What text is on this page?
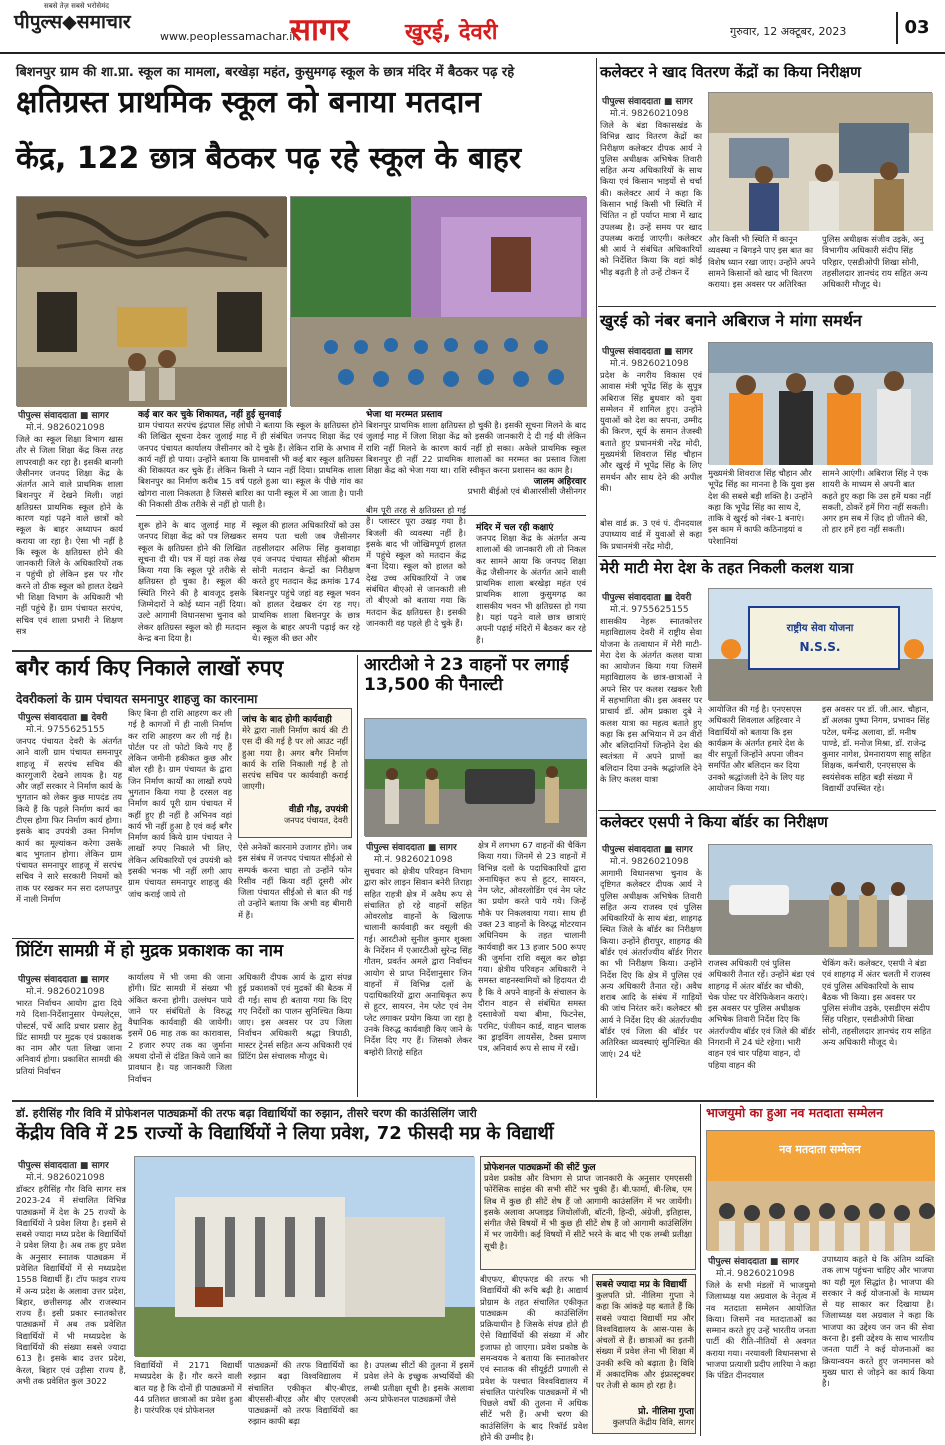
सबसे तेज़ सबसे भरोसेमंद
पीपुल्स◆समाचार
www.peoplessamachar.in
सागर	खुरई, देवरी	गुरुवार, 12 अक्टूबर, 2023	03
बिशनपुर ग्राम की शा.प्रा. स्कूल का मामला, बरखेड़ा महंत, कुसुमगढ़ स्कूल के छात्र मंदिर में बैठकर पढ़ रहे
क्षतिग्रस्त प्राथमिक स्कूल को बनाया मतदान
केंद्र, 122 छात्र बैठकर पढ़ रहे स्कूल के बाहर
पीपुल्स संवाददाता ■ सागर
मो.नं. 9826021098
जिले का स्कूल शिक्षा विभाग खास तौर से जिला शिक्षा केंद्र किस तरह लापरवाही कर रहा है। इसकी बानगी जैसीनगर जनपद शिक्षा केंद्र के अंतर्गत आने वाले प्राथमिक शाला बिशनपुर में देखने मिली। जहां क्षतिग्रस्त प्राथमिक स्कूल होने के कारण यहां पढ़ने वाले छात्रों को स्कूल के बाहर अध्यापन कार्य कराया जा रहा है। ऐसा भी नहीं है कि स्कूल के क्षतिग्रस्त होने की जानकारी जिले के अधिकारियों तक न पहुंची हो लेकिन इस पर गौर करने तो ठीक स्कूल को हालत देखने भी शिक्षा विभाग के अधिकारी भी नहीं पहुंचे हैं। ग्राम पंचायत सरपंच, सचिव एवं शाला प्रभारी ने शिक्षण सत्र
कई बार कर चुके शिकायत, नहीं हुई सुनवाई
ग्राम पंचायत सरपंच इंद्रपाल सिंह लोधी ने बताया कि स्कूल के क्षतिग्रस्त होने की लिखित सूचना देकर जुलाई माह में ही संबंधित जनपद शिक्षा केंद्र एवं जनपद पंचायत कार्यालय जैसीनगर को दे चुके हैं। लेकिन राशि के अभाव में कार्य नहीं हो पाया। उन्होंने बताया कि ग्रामवासी भी कई बार स्कूल क्षतिग्रस्त की शिकायत कर चुके हैं। लेकिन किसी ने ध्यान नहीं दिया। प्राथमिक शाला बिशनपुर का निर्माण करीब 15 वर्ष पहले हुआ था। स्कूल के पीछे गांव का खोगरा नाला निकलता है जिससे बारिश का पानी स्कूल में आ जाता है। पानी की निकासी ठीक तरीके से नहीं हो पाती है।
भेजा था मरम्मत प्रस्ताव
बिशनपुर प्राथमिक शाला क्षतिग्रस्त हो चुकी है। इसकी सूचना मिलने के बाद जुलाई माह में जिला शिक्षा केंद्र को इसकी जानकारी दे दी गई थी लेकिन राशि नहीं मिलने के कारण कार्य नहीं हो सका। अकेले प्राथमिक स्कूल बिशनपुर ही नहीं 22 प्राथमिक शालाओं का मरम्मत का प्रस्ताव जिला शिक्षा केंद्र को भेजा गया था। राशि स्वीकृत करना प्रशासन का काम है।
जालम अहिरवार
प्रभारी बीईओ एवं बीआरसीसी जैसीनगर
शुरू होने के बाद जुलाई माह में जनपद शिक्षा केंद्र को पत्र लिखकर स्कूल के क्षतिग्रस्त होने की लिखित सूचना दी थी। पत्र में यहां तक लेख किया गया कि स्कूल पूरे तरीके से क्षतिग्रस्त हो चुका है। स्कूल की स्थिति गिरने की है बावजूद इसके जिम्मेदारों ने कोई ध्यान नहीं दिया। उल्टे आगामी विधानसभा चुनाव को लेकर क्षतिग्रस्त स्कूल को ही मतदान केन्द्र बना दिया है।
स्कूल की हालत अधिकारियों को उस समय पता चली जब जैसीनगर तहसीलदार अलिफ सिंह कुशवाहा एवं जनपद पंचायत सीईओ श्रीराम सोनी मतदान केन्द्रों का निरीक्षण करते हुए मतदान केंद्र क्रमांक 174 बिशनपुर पहुंचे जहां वह स्कूल भवन को हालत देखकर दंग रह गए। प्राथमिक शाला बिशनपुर के छात्र स्कूल के बाहर अपनी पढ़ाई कर रहे थे। स्कूल की छत और
बीम पूरी तरह से क्षतिग्रस्त हो गई हैं। प्लास्टर पूरा उखड़ गया है। बिजली की व्यवस्था नहीं है। इसके बाद भी जोखिमपूर्ण हालत में पहुंचे स्कूल को मतदान केंद्र बना दिया। स्कूल को हालत को देख उच्च अधिकारियों ने जब संबंधित बीएओ से जानकारी ली तो बीएओ को बताया गया कि मतदान केंद्र क्षतिग्रस्त है। इसकी जानकारी वह पहले ही दे चुके हैं।
मंदिर में चल रही कक्षाएं
जनपद शिक्षा केंद्र के अंतर्गत अन्य शालाओं की जानकारी ली तो निकल कर सामने आया कि जनपद शिक्षा केंद्र जैसीनगर के अंतर्गत आने वाली प्राथमिक शाला बरखेड़ा महंत एवं प्राथमिक शाला कुसुमगढ़ का शासकीय भवन भी क्षतिग्रस्त हो गया है। यहां पढ़ने वाले छात्र छात्राएं अपनी पढ़ाई मंदिरों में बैठकर कर रहे हैं।
बगैर कार्य किए निकाले लाखों रुपए
देवरीकलां के ग्राम पंचायत समनापुर शाहजु का कारनामा
पीपुल्स संवाददाता ■ देवरी
मो.नं. 9755625155
जनपद पंचायत देवरी के अंतर्गत आने वाली ग्राम पंचायत समनापुर शाहजू में सरपंच सचिव की कारगुजारी देखने लायक है। यह और जहाँ सरकार ने निर्माण कार्य के भुगतान को लेकर कुछ मापदंड तय किये हैं कि पहले निर्माण कार्य का टीएस होगा फिर निर्माण कार्य होगा। इसके बाद उपयंत्री उक्त निर्माण कार्य का मूल्यांकन करेगा उसके बाद भुगतान होगा। लेकिन ग्राम पंचायत समनापुर शाहजू में सरपंच सचिव ने सारे सरकारी नियमों को ताक पर रखकर मन सरा दलपतपुर में नाली निर्माण
किए बिना ही राशि आहरण कर ली गई है कागजों में ही नाली निर्माण कर राशि आहरण कर ली गई है। पोर्टल पर तो फोटो किये गए हैं लेकिन जमीनी हकीकत कुछ और बोल रही है। ग्राम पंचायत के द्वारा जिन निर्माण कार्यों का लाखों रुपये भुगतान किया गया है दरसल वह निर्माण कार्य पूरी ग्राम पंचायत में कहीं हुए ही नहीं है अभिनव वहां कार्य भी नहीं हुआ है एवं कई बगैर निर्माण कार्य किये ग्राम पंचायत ने लाखों रुपए निकाले भी लिए, लेकिन अधिकारियों एवं उपयंत्री को इसकी भनक भी नहीं लगी आप ग्राम पंचायत समनापुर शाहजु की जांच कराई जाये तो
जांच के बाद होगी कार्यवाही
मेरे द्वारा नाली निर्माण कार्य की टी एस दी की गई है पर लो आउट नहीं हुआ गया है। अगर बगैर निर्माण कार्य के राशि निकाली गई है तो सरपंच सचिव पर कार्यवाही कराई जाएगी।
वीडी गौड़, उपयंत्री
जनपद पंचायत, देवरी
ऐसे अनेकों कारनामे उजागर होंगे। जब इस संबंध में जनपद पंचायत सीईओ से सम्पर्क करना चाहा तो उन्होंने फोन रिसीव नहीं किया वहीं दूसरी ओर जिला पंचायत सीईओ से बात की गई तो उन्होंने बताया कि अभी वह बीमारी में हैं।
प्रिंटिंग सामग्री में हो मुद्रक प्रकाशक का नाम
पीपुल्स संवाददाता ■ सागर
मो.नं. 9826021098
भारत निर्वाचन आयोग द्वारा दिये गये दिशा-निर्देशानुसार पेम्पलेट्स, पोस्टर्स, पर्चे आदि प्रचार प्रसार हेतु प्रिंट सामग्री पर मुद्रक एवं प्रकाशक का नाम और पता लिखा जाना अनिवार्य होगा। प्रकाशित सामग्री की प्रतियां निर्वाचन
कार्यालय में भी जमा की जाना होंगी। प्रिंट सामग्री में संख्या भी अंकित करना होगी। उल्लंघन पाये जाने पर संबंधितों के विरुद्ध वैधानिक कार्यवाही की जायेगी। इसमें 06 माह तक का कारावास, 2 हजार रुपए तक का जुर्माना अथवा दोनों से दंडित किये जाने का प्रावधान है। यह जानकारी जिला निर्वाचन
अधिकारी दीपक आर्य के द्वारा संपन्न हुई प्रकाशकों एवं मुद्रकों की बैठक में दी गई। साथ ही बताया गया कि दिए गए निर्देशों का पालन सुनिश्चित किया जाए। इस अवसर पर उप जिला निर्वाचन अधिकारी श्रद्धा त्रिपाठी, मास्टर ट्रेनर्स सहित अन्य अधिकारी एवं प्रिंटिंग प्रेस संचालक मौजूद थे।
आरटीओ ने 23 वाहनों पर लगाई 13,500 की पैनाल्टी
पीपुल्स संवाददाता ■ सागर
मो.नं. 9826021098
सुचवार को क्षेत्रीय परिवहन विभाग द्वारा कोर लाइन सिवान बनेरी तिराहा सहित राहत्री क्षेत्र में अवैध रूप से संचालित हो रहे वाहनों सहित ओवरलोड वाहनों के खिलाफ चालानी कार्यवाही कर वसूली की गई। आरटीओ सुनील कुमार शुक्ला के निर्देशन में एआरटीओ सुरेन्द्र सिंह गौतम, प्रवर्तन अमले द्वारा निर्वाचन आयोग से प्राप्त निर्देशानुसार जिन वाहनों में विभिन्न दलों के पदाधिकारियों द्वारा अनाधिकृत रूप से हूटर, सायरन, नेम प्लेट एवं नेम प्लेट लगाकर प्रयोग किया जा रहा है उनके विरुद्ध कार्यवाही किए जाने के निर्देश दिए गए हैं। जिसको लेकर बम्होरी तिराहे सहित
क्षेत्र में लगभग 67 वाहनों की चैकिंग किया गया। जिनमें से 23 वाहनों में विभिन्न दलों के पदाधिकारियों द्वारा अनाधिकृत रूप से हूटर, सायरन, नेम प्लेट, ओवरलोडिंग एवं नेम प्लेट का प्रयोग करते पाये गये। जिन्हें मौके पर निकलवाया गया। साथ ही उक्त 23 वाहनों के विरुद्ध मोटरयान अधिनियम के तहत चालानी कार्यवाही कर 13 हजार 500 रूपए की जुर्माना राशि वसूल कर छोड़ा गया। क्षेत्रीय परिवहन अधिकारी ने समस्त वाहनस्वामियों को हिदायत दी है कि वे अपने वाहनों के संचालन के दौरान वाहन से संबंधित समस्त दस्तावेजों यथा बीमा, फिटनेस, परमिट, पंजीयन कार्ड, वाहन चालक का ड्राइविंग लायसेंस, टैक्स प्रमाण पत्र, अनिवार्य रूप से साथ में रखें।
कलेक्टर ने खाद वितरण केंद्रों का किया निरीक्षण
पीपुल्स संवाददाता ■ सागर
मो.नं. 9826021098
जिले के बंडा विकासखंड के विभिन्न खाद वितरण केंद्रों का निरीक्षण कलेक्टर दीपक आर्य ने पुलिस अधीक्षक अभिषेक तिवारी सहित अन्य अधिकारियों के साथ किया एवं किसान भाइयों से चर्चा की। कलेक्टर आर्य ने कहा कि किसान भाई किसी भी स्थिति में चिंतित न हों पर्याप्त मात्रा में खाद उपलब्ध है। उन्हें समय पर खाद उपलब्ध कराई जाएगी। कलेक्टर श्री आर्य ने संबंधित अधिकारियों को निर्देशित किया कि वहां कोई भीड़ बढ़ती है तो उन्हें टोकन दें
और किसी भी स्थिति में कानून व्यवस्था न बिगड़ने पाए इस बात का विशेष ध्यान रखा जाए। उन्होंने अपने सामने किसानों को खाद भी वितरण कराया। इस अवसर पर अतिरिक्त
पुलिस अधीक्षक संजीव उइके, अनु विभागीय अधिकारी संदीप सिंह परिहार, एसडीओपी शिखा सोनी, तहसीलदार ज्ञानचंद राय सहित अन्य अधिकारी मौजूद थे।
खुरई को नंबर बनाने अबिराज ने मांगा समर्थन
पीपुल्स संवाददाता ■ सागर
मो.नं. 9826021098
प्रदेश के नगरीय विकास एवं आवास मंत्री भूपेंद्र सिंह के सुपुत्र अबिराज सिंह बुधवार को युवा सम्मेलन में शामिल हुए। उन्होंने युवाओं को देश का सपना, उम्मीद की किरण, सूर्य के समान तेजस्वी बताते हुए प्रधानमंत्री नरेंद्र मोदी, मुख्यमंत्री शिवराज सिंह चौहान और खुरई में भूपेंद्र सिंह के लिए समर्थन और साथ देने की अपील की।
बोस वार्ड क्र. 3 एवं पं. दीनदयाल उपाध्याय वार्ड में युवाओं से कहा कि प्रधानमंत्री नरेंद्र मोदी,
मुख्यमंत्री शिवराज सिंह चौहान और भूपेंद्र सिंह का मानना है कि युवा इस देश की सबसे बड़ी शक्ति है। उन्होंने कहा कि भूपेंद्र सिंह का साथ दें, ताकि वे खुरई को नंबर-1 बनाएं। इस काम में काफी कठिनाइयां व परेशानियां
सामने आएंगी। अबिराज सिंह ने एक शायरी के माध्यम से अपनी बात कहते हुए कहा कि उस हमें थका नहीं सकती, ठोकरें हमें गिरा नहीं सकती। अगर हम सब में ज़िद हो जीतने की, तो हार हमें हरा नहीं सकती।
मेरी माटी मेरा देश के तहत निकली कलश यात्रा
पीपुल्स संवाददाता ■ देवरी
मो.नं. 9755625155
शासकीय नेहरू स्नातकोत्तर महाविद्यालय देवरी में राष्ट्रीय सेवा योजना के तत्वाधान में मेरी माटी-मेरा देश के अंतर्गत कलश यात्रा का आयोजन किया गया जिसमें महाविद्यालय के छात्र-छात्राओं ने अपने सिर पर कलश रखकर रैली में सहभागिता की। इस अवसर पर प्राचार्य डॉ. ओम प्रकाश दुबे ने कलश यात्रा का महत्व बताते हुए कहा कि इस अभियान में उन वीरों और बलिदानियों जिन्होंने देश की स्वतंत्रता में अपने प्राणों का बलिदान दिया उनके श्रद्धांजलि देने के लिए कलश यात्रा
राष्ट्रीय सेवा योजना
N.S.S.
आयोजित की गई है। एनएसएस अधिकारी शिवलाल अहिरवार ने विद्यार्थियों को बताया कि इस कार्यक्रम के अंतर्गत हमारे देश के वीर सपूतों जिन्होंने अपना जीवन समर्पित और बलिदान कर दिया उनको श्रद्धांजली देने के लिए यह आयोजन किया गया।
इस अवसर पर डॉ. जी.आर. चौहान, डॉ अलका पुष्पा निगम, प्रभावन सिंह पटेल, धर्मेन्द्र अलावा, डॉ. मनीष पाण्डे, डॉ. मनोज मिश्रा, डॉ. राजेन्द्र कुमार नागेश, प्रेमनारायण साहू सहित शिक्षक, कर्मचारी, एनएसएस के स्वयंसेवक सहित बड़ी संख्या में विद्यार्थी उपस्थित रहे।
कलेक्टर एसपी ने किया बॉर्डर का निरीक्षण
पीपुल्स संवाददाता ■ सागर
मो.नं. 9826021098
आगामी विधानसभा चुनाव के दृष्टिगत कलेक्टर दीपक आर्य ने पुलिस अधीक्षक अभिषेक तिवारी सहित अन्य राजस्व एवं पुलिस अधिकारियों के साथ बंडा, शाहगढ़ स्थित जिले के बॉर्डर का निरीक्षण किया। उन्होंने हीरापुर, शाहगढ़ की बॉर्डर एवं अंतर्राज्यीय बॉर्डर गिरार का भी निरीक्षण किया। उन्होंने निर्देश दिए कि क्षेत्र में पुलिस एवं अन्य अधिकारी तैनात रहें। अवैध शराब आदि के संबंध में गाड़ियों की जांच निरंतर करें। कलेक्टर श्री आर्य ने निर्देश दिए की अंतर्राज्यीय बॉर्डर एवं जिला की बॉर्डर पर अतिरिक्त व्यवस्थाएं सुनिश्चित की जाएं। 24 घंटे
राजस्व अधिकारी एवं पुलिस अधिकारी तैनात रहें। उन्होंने बंडा एवं शाहगढ़ में अंतर बॉर्डर का चौकी, चेक पोस्ट पर वेरिफिकेशन कराएं। इस अवसर पर पुलिस अधीक्षक अभिषेक तिवारी निर्देश दिए कि अंतर्राज्यीय बॉर्डर एवं जिले की बॉर्डर निगरानी में 24 घंटे रहेगा। भारी वाहन एवं चार पहिया वाहन, दो पहिया वाहन की
चेकिंग करें। कलेक्टर, एसपी ने बंडा एवं शाहगढ़ में अंतर चलती में राजस्व एवं पुलिस अधिकारियों के साथ बैठक भी किया। इस अवसर पर पुलिस संजीव उइके, एसडीएम संदीप सिंह परिहार, एसडीओपी शिखा सोनी, तहसीलदार ज्ञानचंद राय सहित अन्य अधिकारी मौजूद थे।
डॉ. हरीसिंह गौर विवि में प्रोफेशनल पाठ्यक्रमों की तरफ बढ़ा विद्यार्थियों का रुझान, तीसरे चरण की काउंसिलिंग जारी
केंद्रीय विवि में 25 राज्यों के विद्यार्थियों ने लिया प्रवेश, 72 फीसदी मप्र के विद्यार्थी
पीपुल्स संवाददाता ■ सागर
मो.नं. 9826021098
डॉक्टर हरीसिंह गौर विवि सागर सत्र 2023-24 में संचालित विभिन्न पाठ्यक्रमों में देश के 25 राज्यों के विद्यार्थियों ने प्रवेश लिया है। इसमें से सबसे ज्यादा मध्य प्रदेश के विद्यार्थियों ने प्रवेश लिया है। अब तक हुए प्रवेश के अनुसार स्नातक पाठ्यक्रम में प्रवेशित विद्यार्थियों में से मध्यप्रदेश 1558 विद्यार्थी हैं। टॉप फाइव राज्य में अन्य प्रदेश के अलावा उत्तर प्रदेश, बिहार, छत्तीसगढ़ और राजस्थान राज्य हैं। इसी प्रकार स्नातकोत्तर पाठ्यक्रमों में अब तक प्रवेशित विद्यार्थियों में भी मध्यप्रदेश के विद्यार्थियों की संख्या सबसे ज्यादा 613 है। इसके बाद उत्तर प्रदेश, केरल, बिहार एवं उड़ीसा राज्य हैं, अभी तक प्रवेशित कुल 3022
विद्यार्थियों में 2171 विद्यार्थी मध्यप्रदेश के हैं। गौर करने वाली बात यह है कि दोनों ही पाठ्यक्रमों में 44 प्रतिशत छात्राओं का प्रवेश हुआ है। पारंपरिक एवं प्रोफेशनल
पाठ्यक्रमों की तरफ विद्यार्थियों का रुझान बढ़ा विश्वविद्यालय में संचालित एकीकृत बीए-बीएड, बीएससी-बीएड और बीए एलएलबी पाठ्यक्रमों को तरफ विद्यार्थियों का रुझान काफी बढ़ा
है। उपलब्ध सीटों की तुलना में इसमें प्रवेश लेने के इच्छुक अभ्यर्थियों की लम्बी प्रतीक्षा सूची है। इसके अलावा अन्य प्रोफेशनल पाठ्यक्रमों जैसे
प्रोफेशनल पाठ्यक्रमों की सीटें फुल
प्रवेश प्रकोष्ठ और विभाग से प्राप्त जानकारी के अनुसार एमएससी फोरेंसिक साइंस की सभी सीटें भर चुकी हैं। बी.फार्मा, बी-लिब, एम लिब में कुछ ही सीटें शेष हैं जो आगामी काउंसलिंग में भर जायेंगी। इसके अलावा अप्लाइड जियोलॉजी, बॉटनी, हिन्दी, अंग्रेजी, इतिहास, संगीत जैसे विषयों में भी कुछ ही सीटें शेष हैं जो आगामी काउंसिलिंग में भर जायेंगी। कई विषयों में सीटें भरने के बाद भी एक लम्बी प्रतीक्षा सूची है।
बीएफए, बीएफएड की तरफ भी विद्यार्थियों की रूचि बढ़ी है। आद्यार्य प्रोग्राम के तहत संचालित एकीकृत पाठ्यक्रम की काउंसिलिंग प्रक्रियाधीन है जिसके संपन्न होते ही ऐसे विद्यार्थियों की संख्या में और इजाफा हो जाएगा। प्रवेश प्रकोष्ठ के समन्वयक ने बताया कि स्नातकोत्तर एवं स्नातक की सीयूईटी प्रणाली से प्रवेश के पश्चात विश्वविद्यालय में संचालित पारंपरिक पाठ्यक्रमों में भी पिछले वर्षों की तुलना में अधिक सीटें भरी हैं। अभी चरण की काउंसिलिंग के बाद रिकॉर्ड प्रवेश होने की उम्मीद है।
सबसे ज्यादा मप्र के विद्यार्थी
कुलपति प्रो. नीलिमा गुप्ता ने कहा कि आंकड़े यह बताते हैं कि सबसे ज्यादा विद्यार्थी मप्र और विश्वविद्यालय के आस-पास के अंचलों से हैं। छात्राओं का इतनी संख्या में प्रवेश लेना भी शिक्षा में उनकी रूचि को बढ़ाता है। विवि में अकादमिक और इंफ्रास्ट्रक्चर पर तेजी से काम हो रहा है।
प्रो. नीलिमा गुप्ता
कुलपति केंद्रीय विवि, सागर
भाजयुमो का हुआ नव मतदाता सम्मेलन
नव मतदाता सम्मेलन
पीपुल्स संवाददाता ■ सागर
मो.नं. 9826021098
जिले के सभी मंडलों में भाजयुमो जिलाध्यक्ष यश अग्रवाल के नेतृत्व में नव मतदाता सम्मेलन आयोजित किया। जिसमें नव मतदाताओं का सम्मान करते हुए उन्हें भारतीय जनता पार्टी की रीति-नीतियों से अवगत कराया गया। नरयावली विधानसभा से भाजपा प्रत्याशी प्रदीप लारिया ने कहा कि पंडित दीनदयाल
उपाध्याय कहते थे कि अंतिम व्यक्ति तक लाभ पहुंचना चाहिए और भाजपा का यही मूल सिद्धांत है। भाजपा की सरकार ने कई योजनाओं के माध्यम से यह साकार कर दिखाया है। जिलाध्यक्ष यश अग्रवाल ने कहा कि भाजपा का उद्देश्य जन जन की सेवा करना है। इसी उद्देश्य के साथ भारतीय जनता पार्टी ने कई योजनाओं का क्रियान्वयन करते हुए जनमानस को मुख्य धारा से जोड़ने का कार्य किया है।
